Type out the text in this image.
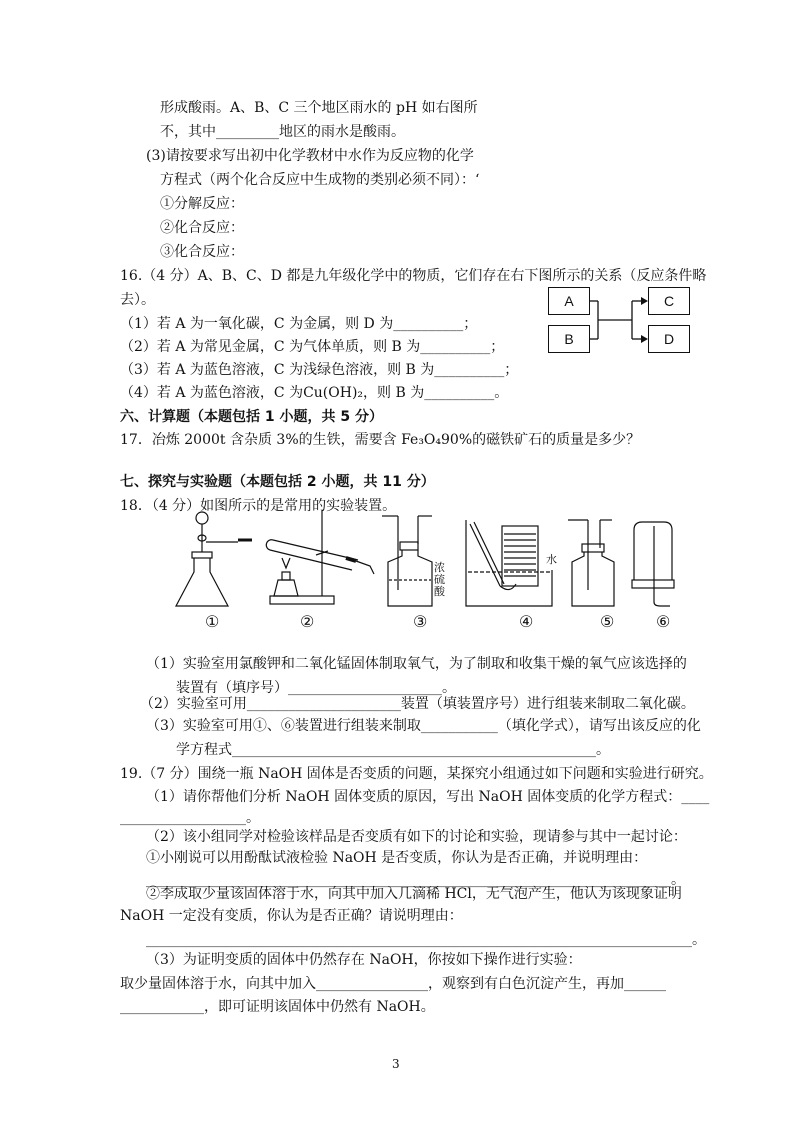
形成酸雨。A、B、C 三个地区雨水的 pH 如右图所
不，其中_________地区的雨水是酸雨。
(3)请按要求写出初中化学教材中水作为反应物的化学
方程式（两个化合反应中生成物的类别必须不同）：‘
①分解反应：
②化合反应：
③化合反应：
16.（4 分）A、B、C、D 都是九年级化学中的物质，它们存在右下图所示的关系（反应条件略
去）。
（1）若 A 为一氧化碳，C 为金属，则 D 为__________；
（2）若 A 为常见金属，C 为气体单质，则 B 为__________；
（3）若 A 为蓝色溶液，C 为浅绿色溶液，则 B 为__________；
（4）若 A 为蓝色溶液，C 为Cu(OH)₂，则 B 为__________。
A
B
C
D
六、计算题（本题包括 1 小题，共 5 分）
17．冶炼 2000t 含杂质 3%的生铁，需要含 Fe₃O₄90%的磁铁矿石的质量是多少？
七、探究与实验题（本题包括 2 小题，共 11 分）
18．（4 分）如图所示的是常用的实验装置。
浓
硫
酸
水
①	②	③	④	⑤	⑥
（1）实验室用氯酸钾和二氧化锰固体制取氧气，为了制取和收集干燥的氧气应该选择的
装置有（填序号）______________________。
（2）实验室可用______________________装置（填装置序号）进行组装来制取二氧化碳。
（3）实验室可用①、⑥装置进行组装来制取___________（填化学式），请写出该反应的化
学方程式____________________________________________________。
19.（7 分）围绕一瓶 NaOH 固体是否变质的问题，某探究小组通过如下问题和实验进行研究。
（1）请你帮他们分析 NaOH 固体变质的原因，写出 NaOH 固体变质的化学方程式：____
__________________。
（2）该小组同学对检验该样品是否变质有如下的讨论和实验，现请参与其中一起讨论：
①小刚说可以用酚酞试液检验 NaOH 是否变质，你认为是否正确，并说明理由：
___________________________________________________________________________。
②李成取少量该固体溶于水，向其中加入几滴稀 HCl，无气泡产生，他认为该现象证明
NaOH 一定没有变质，你认为是否正确？请说明理由：
______________________________________________________________________________。
（3）为证明变质的固体中仍然存在 NaOH，你按如下操作进行实验：
取少量固体溶于水，向其中加入________________，观察到有白色沉淀产生，再加______
____________，即可证明该固体中仍然有 NaOH。
3
